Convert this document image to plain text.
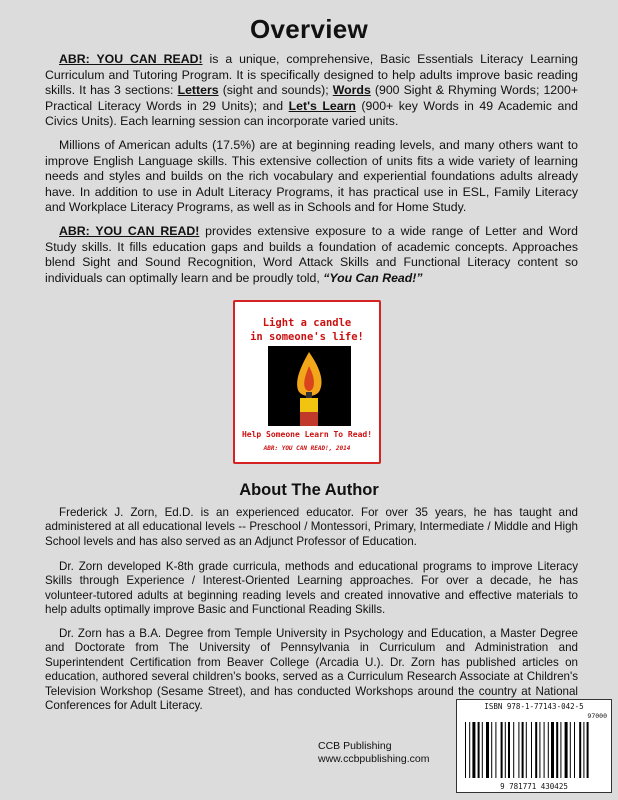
Overview
ABR: YOU CAN READ! is a unique, comprehensive, Basic Essentials Literacy Learning Curriculum and Tutoring Program. It is specifically designed to help adults improve basic reading skills. It has 3 sections: Letters (sight and sounds); Words (900 Sight & Rhyming Words; 1200+ Practical Literacy Words in 29 Units); and Let's Learn (900+ key Words in 49 Academic and Civics Units). Each learning session can incorporate varied units.
Millions of American adults (17.5%) are at beginning reading levels, and many others want to improve English Language skills. This extensive collection of units fits a wide variety of learning needs and styles and builds on the rich vocabulary and experiential foundations adults already have. In addition to use in Adult Literacy Programs, it has practical use in ESL, Family Literacy and Workplace Literacy Programs, as well as in Schools and for Home Study.
ABR: YOU CAN READ! provides extensive exposure to a wide range of Letter and Word Study skills. It fills education gaps and builds a foundation of academic concepts. Approaches blend Sight and Sound Recognition, Word Attack Skills and Functional Literacy content so individuals can optimally learn and be proudly told, “You Can Read!”
Light a candle
in someone's life!
Help Someone Learn To Read!
ABR: YOU CAN READ!, 2014
About The Author
Frederick J. Zorn, Ed.D. is an experienced educator. For over 35 years, he has taught and administered at all educational levels -- Preschool / Montessori, Primary, Intermediate / Middle and High School levels and has also served as an Adjunct Professor of Education.
Dr. Zorn developed K-8th grade curricula, methods and educational programs to improve Literacy Skills through Experience / Interest-Oriented Learning approaches. For over a decade, he has volunteer-tutored adults at beginning reading levels and created innovative and effective materials to help adults optimally improve Basic and Functional Reading Skills.
Dr. Zorn has a B.A. Degree from Temple University in Psychology and Education, a Master Degree and Doctorate from The University of Pennsylvania in Curriculum and Administration and Superintendent Certification from Beaver College (Arcadia U.). Dr. Zorn has published articles on education, authored several children's books, served as a Curriculum Research Associate at Children's Television Workshop (Sesame Street), and has conducted Workshops around the country at National Conferences for Adult Literacy.
CCB Publishing
www.ccbpublishing.com
ISBN 978-1-77143-042-5
97000
9 781771 430425
